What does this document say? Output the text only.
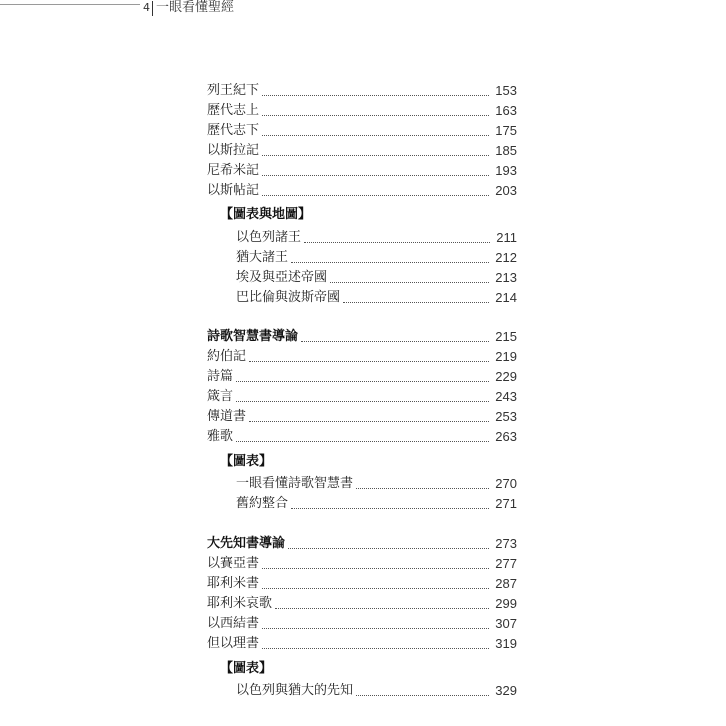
4 一眼看懂聖經
列王紀下	153
歷代志上	163
歷代志下	175
以斯拉記	185
尼希米記	193
以斯帖記	203
【圖表與地圖】
以色列諸王	211
猶大諸王	212
埃及與亞述帝國	213
巴比倫與波斯帝國	214
詩歌智慧書導論	215
約伯記	219
詩篇	229
箴言	243
傳道書	253
雅歌	263
【圖表】
一眼看懂詩歌智慧書	270
舊約整合	271
大先知書導論	273
以賽亞書	277
耶利米書	287
耶利米哀歌	299
以西結書	307
但以理書	319
【圖表】
以色列與猶大的先知	329
